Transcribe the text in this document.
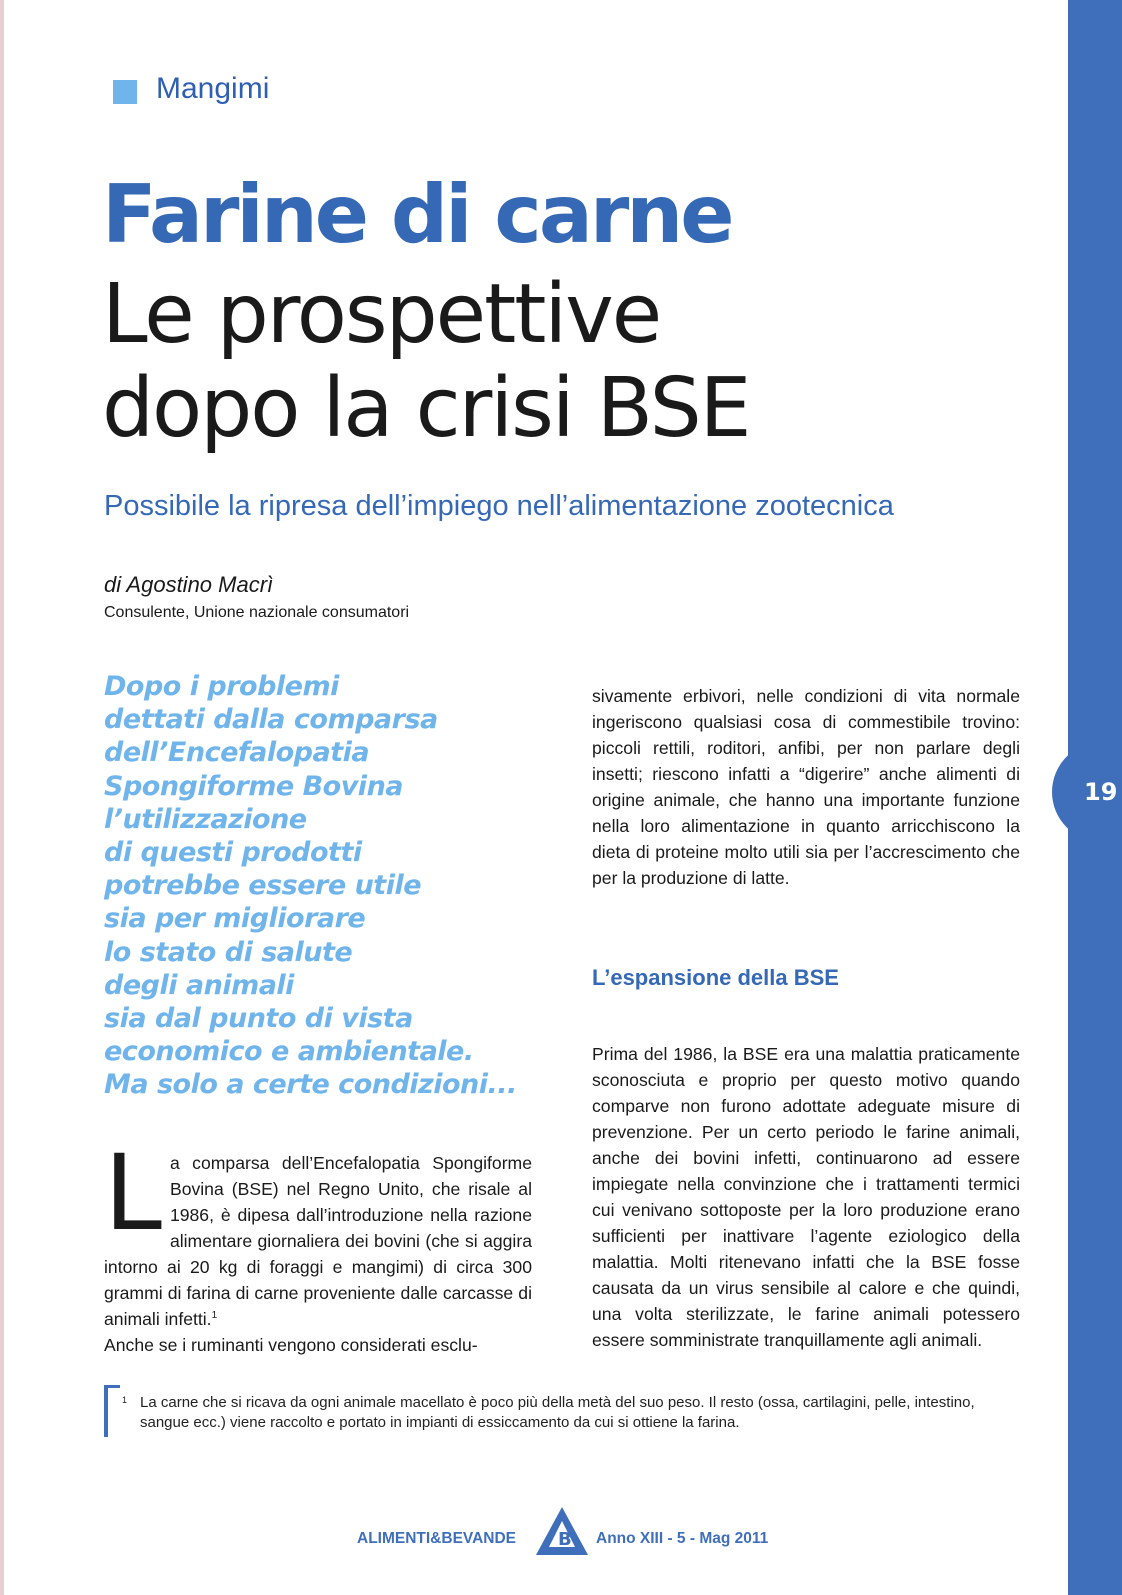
19
Mangimi
Farine di carne
Le prospettive
dopo la crisi BSE
Possibile la ripresa dell’impiego nell’alimentazione zootecnica
di Agostino Macrì
Consulente, Unione nazionale consumatori
Dopo i problemi
dettati dalla comparsa
dell’Encefalopatia
Spongiforme Bovina
l’utilizzazione
di questi prodotti
potrebbe essere utile
sia per migliorare
lo stato di salute
degli animali
sia dal punto di vista
economico e ambientale.
Ma solo a certe condizioni...
L a comparsa dell’Encefalopatia Spongiforme Bovina (BSE) nel Regno Unito, che risale al 1986, è dipesa dall’introduzione nella razione alimentare giornaliera dei bovini (che si aggira intorno ai 20 kg di foraggi e mangimi) di circa 300 grammi di farina di carne proveniente dalle carcasse di animali infetti.$^1$

Anche se i ruminanti vengono considerati esclu-

sivamente erbivori, nelle condizioni di vita normale ingeriscono qualsiasi cosa di commestibile trovino: piccoli rettili, roditori, anfibi, per non parlare degli insetti; riescono infatti a “digerire” anche alimenti di origine animale, che hanno una importante funzione nella loro alimentazione in quanto arricchiscono la dieta di proteine molto utili sia per l’accrescimento che per la produzione di latte.

L’espansione della BSE

Prima del 1986, la BSE era una malattia praticamente sconosciuta e proprio per questo motivo quando comparve non furono adottate adeguate misure di prevenzione. Per un certo periodo le farine animali, anche dei bovini infetti, continuarono ad essere impiegate nella convinzione che i trattamenti termici cui venivano sottoposte per la loro produzione erano sufficienti per inattivare l’agente eziologico della malattia. Molti ritenevano infatti che la BSE fosse causata da un virus sensibile al calore e che quindi, una volta sterilizzate, le farine animali potessero essere somministrate tranquillamente agli animali.

1 La carne che si ricava da ogni animale macellato è poco più della metà del suo peso. Il resto (ossa, cartilagini, pelle, intestino, sangue ecc.) viene raccolto e portato in impianti di essiccamento da cui si ottiene la farina.
ALIMENTI&BEVANDE B Anno XIII - 5 - Mag 2011
